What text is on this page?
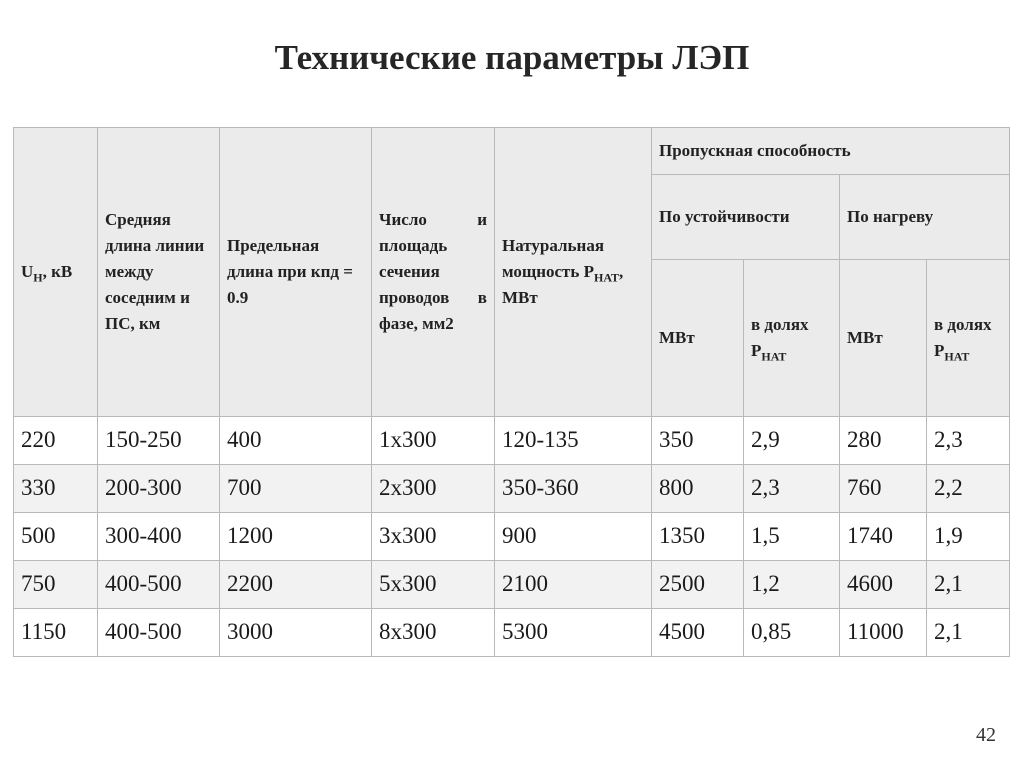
Технические параметры ЛЭП
$U_Н$, кВ	Средняя длина линии между соседним и ПС, км	Предельная длина при кпд = 0.9	Число и площадь сечения проводов в фазе, мм2	Натуральная мощность $P_{НАТ}$, МВт	Пропускная способность			
					По устойчивости		По нагреву	
					МВт	в долях $P_{НАТ}$	МВт	в долях $P_{НАТ}$
220	150-250	400	1х300	120-135	350	2,9	280	2,3
330	200-300	700	2х300	350-360	800	2,3	760	2,2
500	300-400	1200	3х300	900	1350	1,5	1740	1,9
750	400-500	2200	5х300	2100	2500	1,2	4600	2,1
1150	400-500	3000	8х300	5300	4500	0,85	11000	2,1
42
